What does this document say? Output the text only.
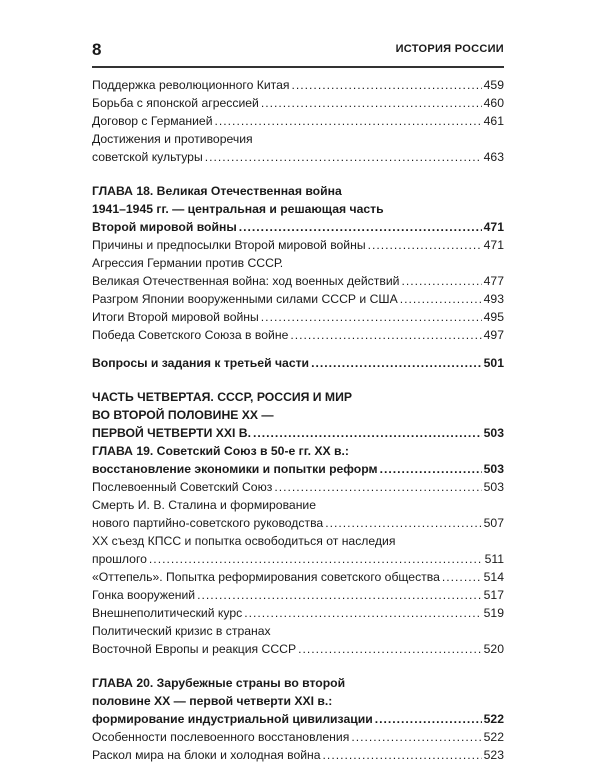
8	ИСТОРИЯ РОССИИ
Поддержка революционного Китая .....	459
Борьба с японской агрессией .....	460
Договор с Германией .....	461
Достижения и противоречия
советской культуры .....	463
ГЛАВА 18. Великая Отечественная война
1941–1945 гг. — центральная и решающая часть
Второй мировой войны .....	471
Причины и предпосылки Второй мировой войны .....	471
Агрессия Германии против СССР.
Великая Отечественная война: ход военных действий .....	477
Разгром Японии вооруженными силами СССР и США .....	493
Итоги Второй мировой войны .....	495
Победа Советского Союза в войне .....	497
Вопросы и задания к третьей части .....	501
ЧАСТЬ ЧЕТВЕРТАЯ. СССР, РОССИЯ И МИР
ВО ВТОРОЙ ПОЛОВИНЕ XX —
ПЕРВОЙ ЧЕТВЕРТИ XXI В. .....	503
ГЛАВА 19. Советский Союз в 50-е гг. XX в.:
восстановление экономики и попытки реформ .....	503
Послевоенный Советский Союз .....	503
Смерть И. В. Сталина и формирование
нового партийно-советского руководства .....	507
XX съезд КПСС и попытка освободиться от наследия
прошлого .....	511
«Оттепель». Попытка реформирования советского общества .....	514
Гонка вооружений .....	517
Внешнеполитический курс .....	519
Политический кризис в странах
Восточной Европы и реакция СССР .....	520
ГЛАВА 20. Зарубежные страны во второй
половине XX — первой четверти XXI в.:
формирование индустриальной цивилизации .....	522
Особенности послевоенного восстановления .....	522
Раскол мира на блоки и холодная война .....	523
